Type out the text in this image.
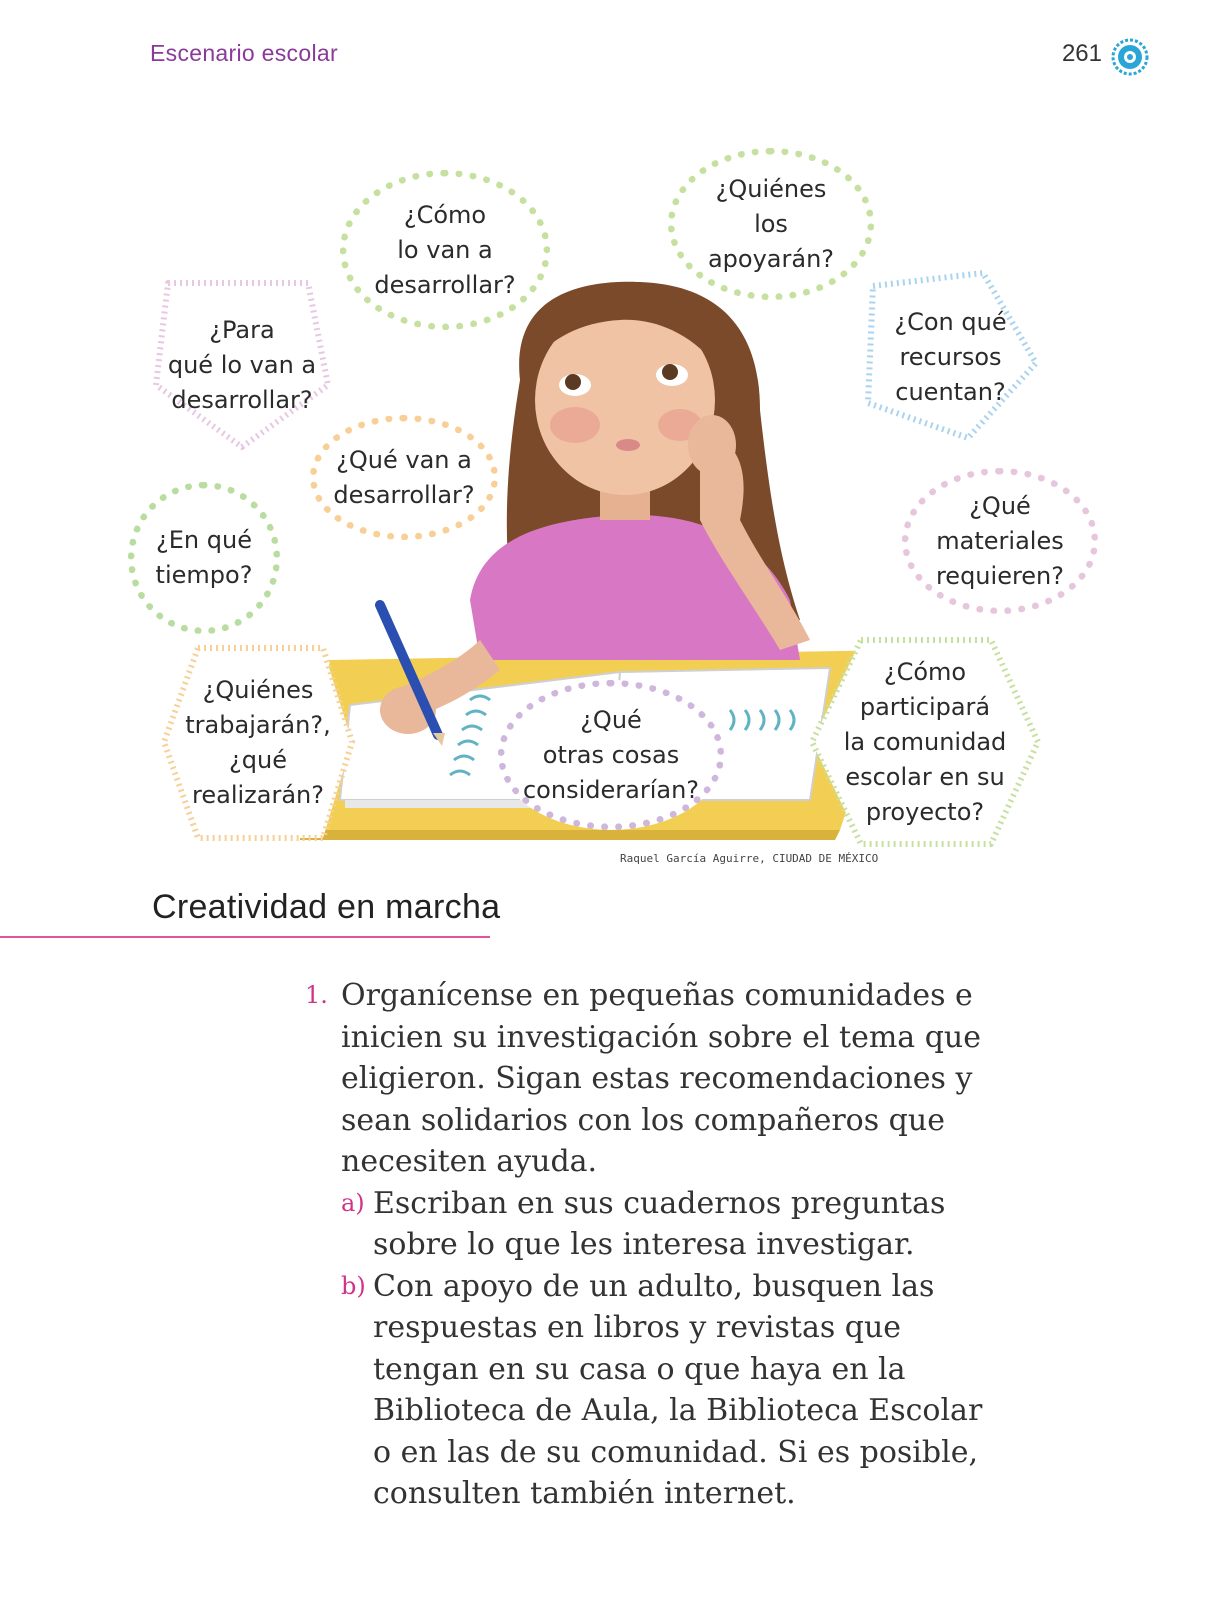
Escenario escolar	261
¿Para
qué lo van a
desarrollar?
¿Cómo
lo van a
desarrollar?
¿Quiénes
los
apoyarán?
¿Con qué
recursos
cuentan?
¿Qué van a
desarrollar?
¿En qué
tiempo?
¿Qué
materiales
requieren?
¿Quiénes
trabajarán?,
¿qué
realizarán?
¿Qué
otras cosas
considerarían?
¿Cómo
participará
la comunidad
escolar en su
proyecto?
Raquel García Aguirre, CIUDAD DE MÉXICO
Creatividad en marcha
1. Organícense en pequeñas comunidades e inicien su investigación sobre el tema que eligieron. Sigan estas recomendaciones y sean solidarios con los compañeros que necesiten ayuda.
a) Escriban en sus cuadernos preguntas sobre lo que les interesa investigar.
b) Con apoyo de un adulto, busquen las respuestas en libros y revistas que tengan en su casa o que haya en la Biblioteca de Aula, la Biblioteca Escolar o en las de su comunidad. Si es posible, consulten también internet.
